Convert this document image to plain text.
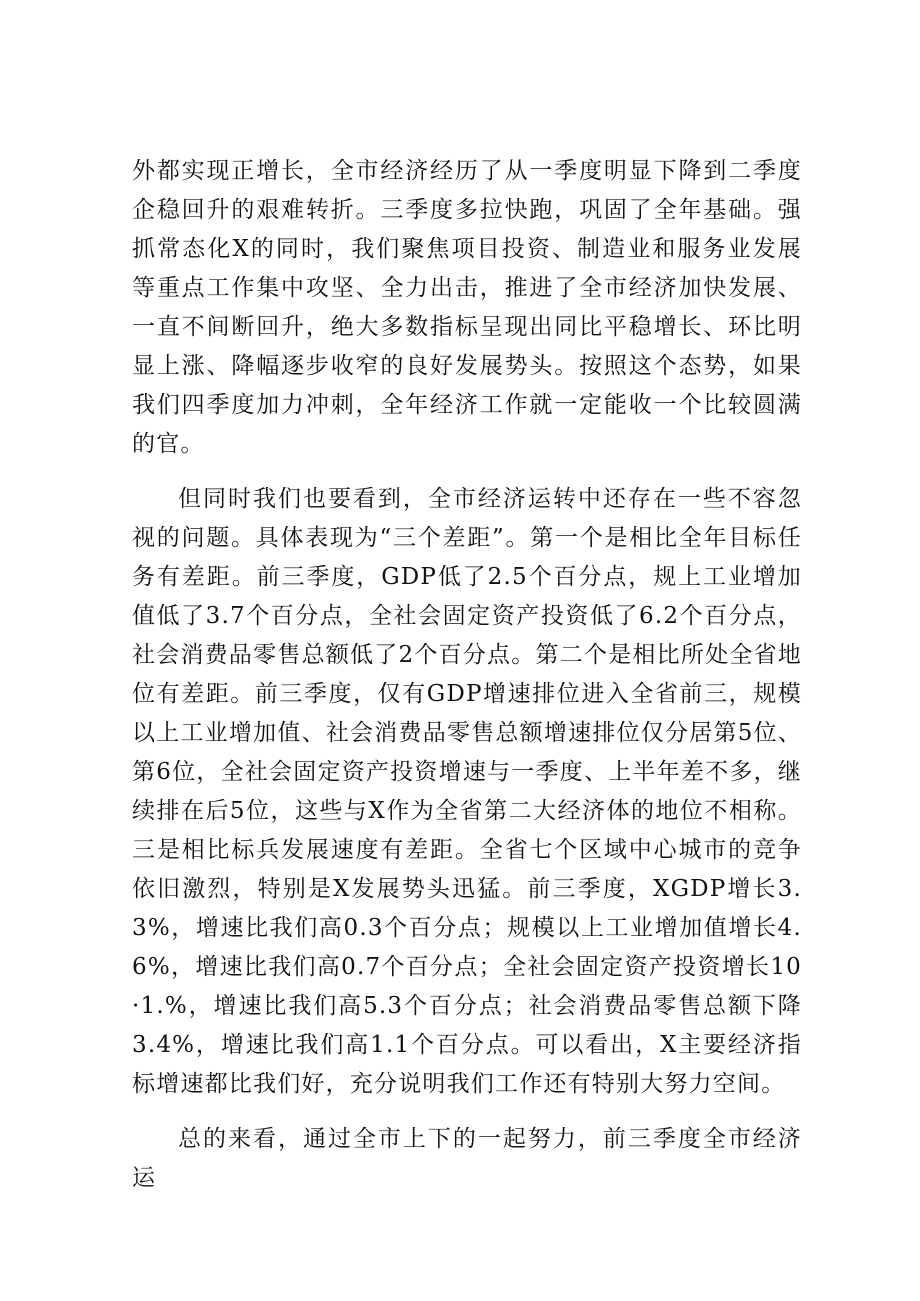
外都实现正增长，全市经济经历了从一季度明显下降到二季度企稳回升的艰难转折。三季度多拉快跑，巩固了全年基础。强抓常态化X的同时，我们聚焦项目投资、制造业和服务业发展等重点工作集中攻坚、全力出击，推进了全市经济加快发展、一直不间断回升，绝大多数指标呈现出同比平稳增长、环比明显上涨、降幅逐步收窄的良好发展势头。按照这个态势，如果我们四季度加力冲刺，全年经济工作就一定能收一个比较圆满的官。

但同时我们也要看到，全市经济运转中还存在一些不容忽视的问题。具体表现为“三个差距”。第一个是相比全年目标任务有差距。前三季度，GDP低了2.5个百分点，规上工业增加值低了3.7个百分点，全社会固定资产投资低了6.2个百分点，社会消费品零售总额低了2个百分点。第二个是相比所处全省地位有差距。前三季度，仅有GDP增速排位进入全省前三，规模以上工业增加值、社会消费品零售总额增速排位仅分居第5位、第6位，全社会固定资产投资增速与一季度、上半年差不多，继续排在后5位，这些与X作为全省第二大经济体的地位不相称。三是相比标兵发展速度有差距。全省七个区域中心城市的竞争依旧激烈，特别是X发展势头迅猛。前三季度，XGDP增长3.3%，增速比我们高0.3个百分点；规模以上工业增加值增长4.6%，增速比我们高0.7个百分点；全社会固定资产投资增长10·1.%，增速比我们高5.3个百分点；社会消费品零售总额下降3.4%，增速比我们高1.1个百分点。可以看出，X主要经济指标增速都比我们好，充分说明我们工作还有特别大努力空间。

总的来看，通过全市上下的一起努力，前三季度全市经济运
